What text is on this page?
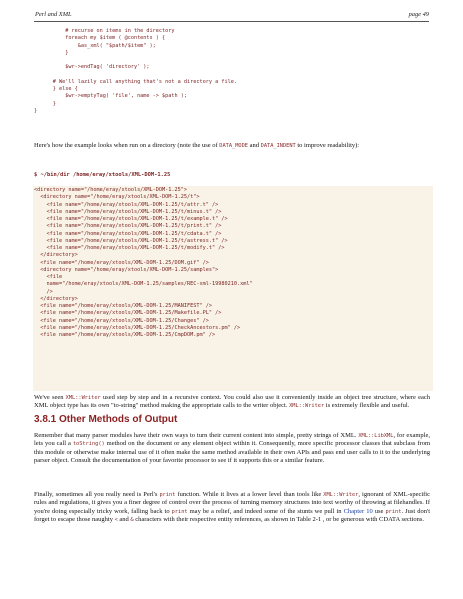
Perl and XML	page 49
# recurse on items in the directory
foreach my $item ( @contents ) {
&as_xml( "$path/$item" );
}

$wr->endTag( 'directory' );

# We'll lazily call anything that's not a directory a file.
} else {
$wr->emptyTag( 'file', name -> $path );
}
}

Here's how the example looks when run on a directory (note the use of DATA_MODE and DATA_INDENT to improve readability):

$ ~/bin/dir /home/eray/xtools/XML-DOM-1.25
<directory name="/home/eray/xtools/XML-DOM-1.25">
<directory name="/home/eray/xtools/XML-DOM-1.25/t">
<file name="/home/eray/xtools/XML-DOM-1.25/t/attr.t" />
<file name="/home/eray/xtools/XML-DOM-1.25/t/minus.t" />
<file name="/home/eray/xtools/XML-DOM-1.25/t/example.t" />
<file name="/home/eray/xtools/XML-DOM-1.25/t/print.t" />
<file name="/home/eray/xtools/XML-DOM-1.25/t/cdata.t" />
<file name="/home/eray/xtools/XML-DOM-1.25/t/astress.t" />
<file name="/home/eray/xtools/XML-DOM-1.25/t/modify.t" />
</directory>
<file name="/home/eray/xtools/XML-DOM-1.25/DOM.gif" />
<directory name="/home/eray/xtools/XML-DOM-1.25/samples">
<file
name="/home/eray/xtools/XML-DOM-1.25/samples/REC-xml-19980210.xml"
/>
</directory>
<file name="/home/eray/xtools/XML-DOM-1.25/MANIFEST" />
<file name="/home/eray/xtools/XML-DOM-1.25/Makefile.PL" />
<file name="/home/eray/xtools/XML-DOM-1.25/Changes" />
<file name="/home/eray/xtools/XML-DOM-1.25/CheckAncestors.pm" />
<file name="/home/eray/xtools/XML-DOM-1.25/CmpDOM.pm" />

We've seen XML::Writer used step by step and in a recursive context. You could also use it conveniently inside an object tree structure, where each XML object type has its own "to-string" method making the appropriate calls to the writer object. XML::Writer is extremely flexible and useful.

3.8.1 Other Methods of Output

Remember that many parser modules have their own ways to turn their current content into simple, pretty strings of XML. XML::LibXML, for example, lets you call a toString() method on the document or any element object within it. Consequently, more specific processor classes that subclass from this module or otherwise make internal use of it often make the same method available in their own APIs and pass end user calls to it to the underlying parser object. Consult the documentation of your favorite processor to see if it supports this or a similar feature.

Finally, sometimes all you really need is Perl's print function. While it lives at a lower level than tools like XML::Writer, ignorant of XML-specific rules and regulations, it gives you a finer degree of control over the process of turning memory structures into text worthy of throwing at filehandles. If you're doing especially tricky work, falling back to print may be a relief, and indeed some of the stunts we pull in Chapter 10 use print. Just don't forget to escape those naughty < and & characters with their respective entity references, as shown in Table 2-1 , or be generous with CDATA sections.
